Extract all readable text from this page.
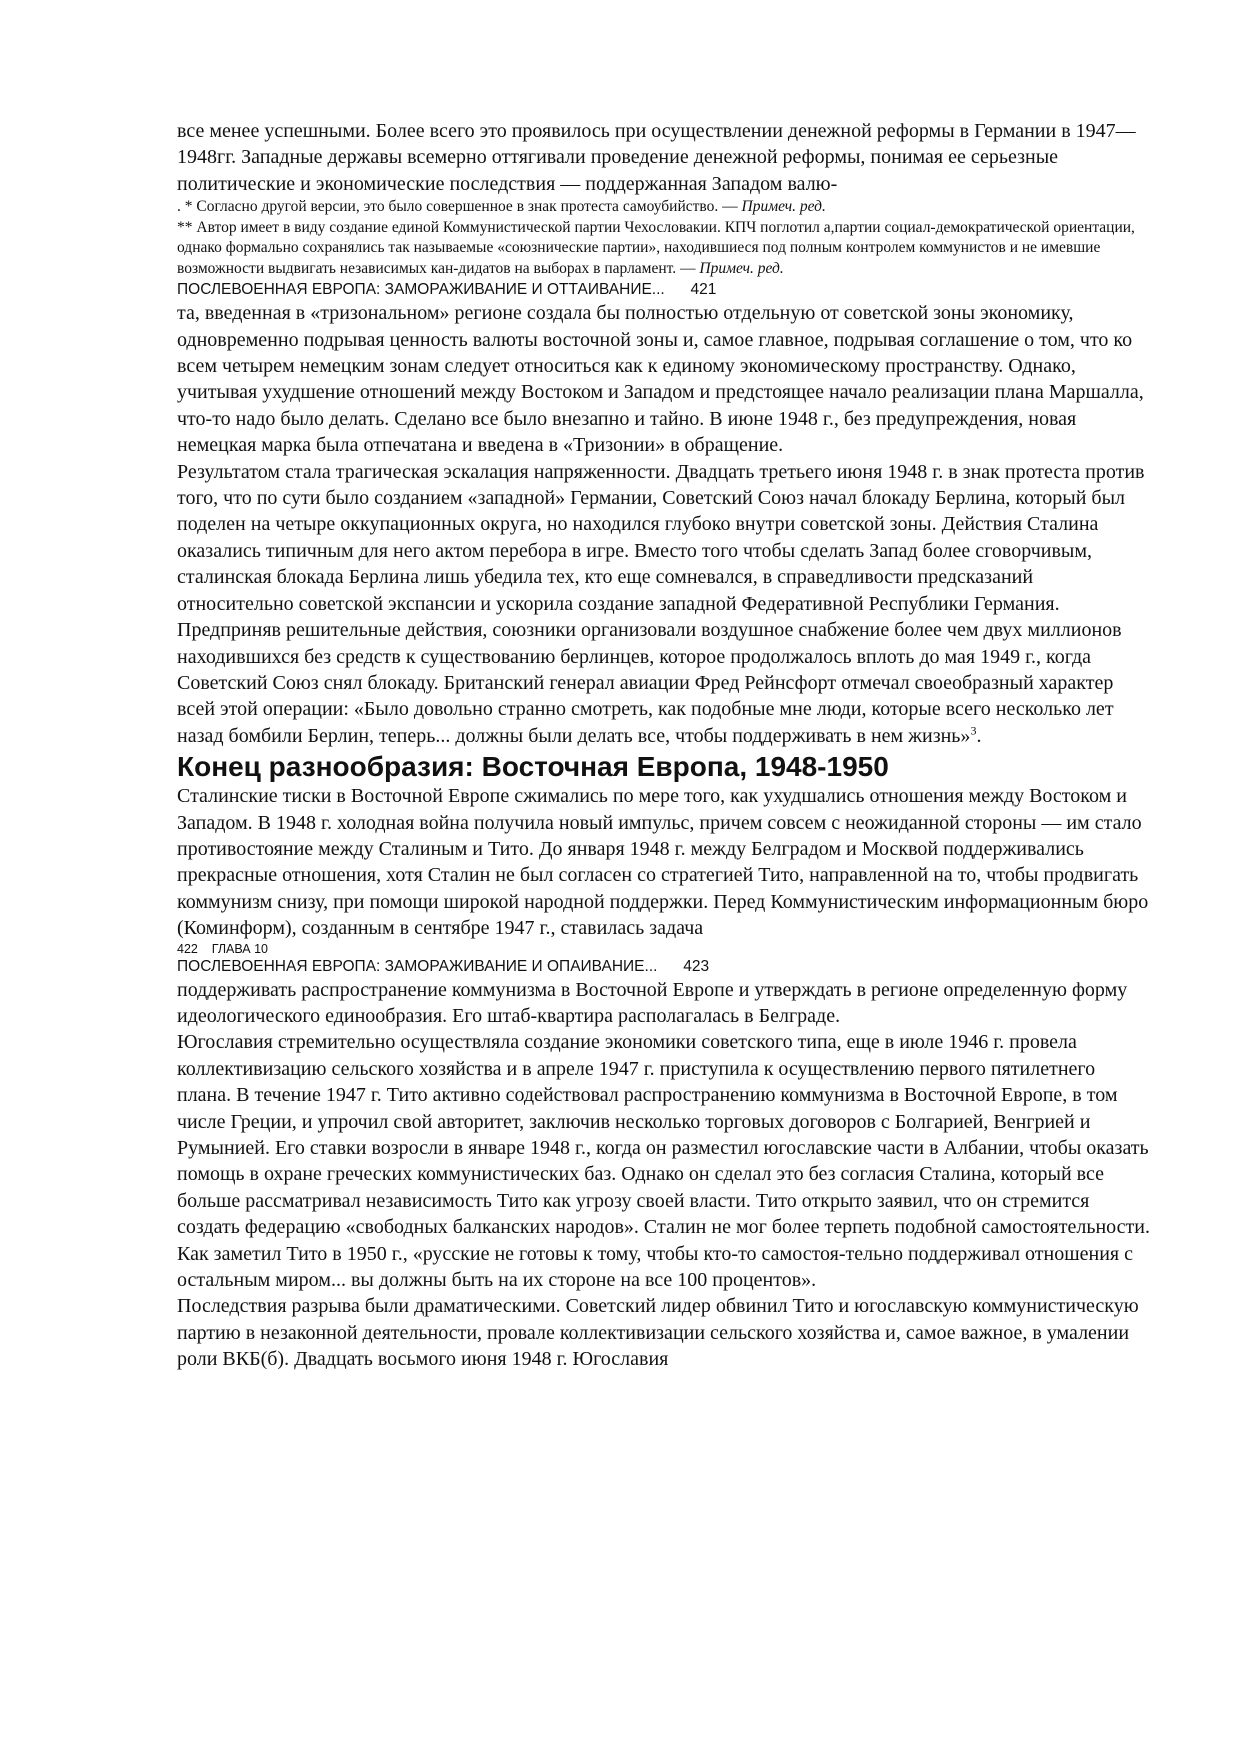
все менее успешными. Более всего это проявилось при осуществлении денежной реформы в Германии в 1947—1948гг. Западные державы всемерно оттягивали проведение денежной реформы, понимая ее серьезные политические и экономические последствия — поддержанная Западом валю-

. * Согласно другой версии, это было совершенное в знак протеста самоубийство. — Примеч. ред.

** Автор имеет в виду создание единой Коммунистической партии Чехословакии. КПЧ поглотил а,партии социал-демократической ориентации, однако формально сохранялись так называемые «союзнические партии», находившиеся под полным контролем коммунистов и не имевшие возможности выдвигать независимых кан-дидатов на выборах в парламент. — Примеч. ред.

ПОСЛЕВОЕННАЯ ЕВРОПА: ЗАМОРАЖИВАНИЕ И ОТТАИВАНИЕ...      421

та, введенная в «тризональном» регионе создала бы полностью отдельную от советской зоны экономику, одновременно подрывая ценность валюты восточной зоны и, самое главное, подрывая соглашение о том, что ко всем четырем немецким зонам следует относиться как к единому экономическому пространству. Однако, учитывая ухудшение отношений между Востоком и Западом и предстоящее начало реализации плана Маршалла, что-то надо было делать. Сделано все было внезапно и тайно. В июне 1948 г., без предупреждения, новая немецкая марка была отпечатана и введена в «Тризонии» в обращение.

Результатом стала трагическая эскалация напряженности. Двадцать третьего июня 1948 г. в знак протеста против того, что по сути было созданием «западной» Германии, Советский Союз начал блокаду Берлина, который был поделен на четыре оккупационных округа, но находился глубоко внутри советской зоны. Действия Сталина оказались типичным для него актом перебора в игре. Вместо того чтобы сделать Запад более сговорчивым, сталинская блокада Берлина лишь убедила тех, кто еще сомневался, в справедливости предсказаний относительно советской экспансии и ускорила создание западной Федеративной Республики Германия. Предприняв решительные действия, союзники организовали воздушное снабжение более чем двух миллионов находившихся без средств к существованию берлинцев, которое продолжалось вплоть до мая 1949 г., когда Советский Союз снял блокаду. Британский генерал авиации Фред Рейнсфорт отмечал своеобразный характер всей этой операции: «Было довольно странно смотреть, как подобные мне люди, которые всего несколько лет назад бомбили Берлин, теперь... должны были делать все, чтобы поддерживать в нем жизнь»$^3$.

Конец разнообразия: Восточная Европа, 1948-1950

Сталинские тиски в Восточной Европе сжимались по мере того, как ухудшались отношения между Востоком и Западом. В 1948 г. холодная война получила новый импульс, причем совсем с неожиданной стороны — им стало противостояние между Сталиным и Тито. До января 1948 г. между Белградом и Москвой поддерживались прекрасные отношения, хотя Сталин не был согласен со стратегией Тито, направленной на то, чтобы продвигать коммунизм снизу, при помощи широкой народной поддержки. Перед Коммунистическим информационным бюро (Коминформ), созданным в сентябре 1947 г., ставилась задача

422    ГЛАВА 10

ПОСЛЕВОЕННАЯ ЕВРОПА: ЗАМОРАЖИВАНИЕ И ОПАИВАНИЕ...      423

поддерживать распространение коммунизма в Восточной Европе и утверждать в регионе определенную форму идеологического единообразия. Его штаб-квартира располагалась в Белграде.

Югославия стремительно осуществляла создание экономики советского типа, еще в июле 1946 г. провела коллективизацию сельского хозяйства и в апреле 1947 г. приступила к осуществлению первого пятилетнего плана. В течение 1947 г. Тито активно содействовал распространению коммунизма в Восточной Европе, в том числе Греции, и упрочил свой авторитет, заключив несколько торговых договоров с Болгарией, Венгрией и Румынией. Его ставки возросли в январе 1948 г., когда он разместил югославские части в Албании, чтобы оказать помощь в охране греческих коммунистических баз. Однако он сделал это без согласия Сталина, который все больше рассматривал независимость Тито как угрозу своей власти. Тито открыто заявил, что он стремится создать федерацию «свободных балканских народов». Сталин не мог более терпеть подобной самостоятельности. Как заметил Тито в 1950 г., «русские не готовы к тому, чтобы кто-то самостоя-тельно поддерживал отношения с остальным миром... вы должны быть на их стороне на все 100 процентов».

Последствия разрыва были драматическими. Советский лидер обвинил Тито и югославскую коммунистическую партию в незаконной деятельности, провале коллективизации сельского хозяйства и, самое важное, в умалении роли ВКБ(б). Двадцать восьмого июня 1948 г. Югославия
